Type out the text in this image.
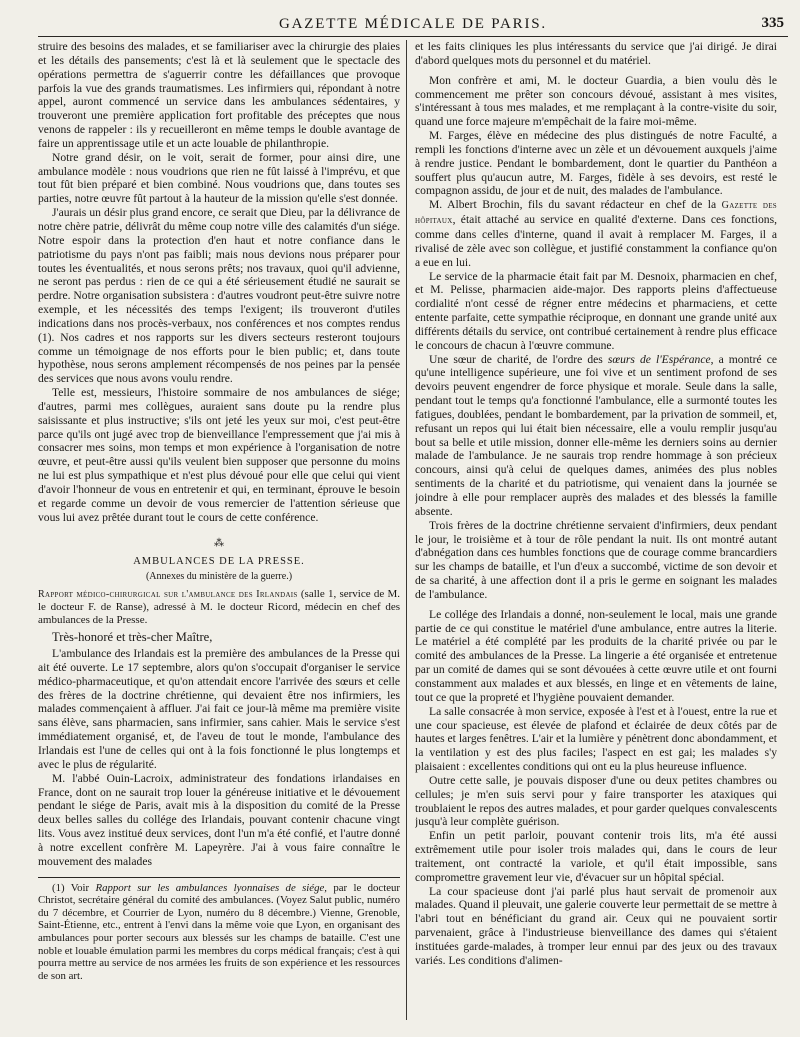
GAZETTE MÉDICALE DE PARIS.	335

struire des besoins des malades, et se familiariser avec la chirurgie des plaies et les détails des pansements; c'est là et là seulement que le spectacle des opérations permettra de s'aguerrir contre les défaillances que provoque parfois la vue des grands traumatismes. Les infirmiers qui, répondant à notre appel, auront commencé un service dans les ambulances sédentaires, y trouveront une première application fort profitable des préceptes que nous venons de rappeler : ils y recueilleront en même temps le double avantage de faire un apprentissage utile et un acte louable de philanthropie.

Notre grand désir, on le voit, serait de former, pour ainsi dire, une ambulance modèle : nous voudrions que rien ne fût laissé à l'imprévu, et que tout fût bien préparé et bien combiné. Nous voudrions que, dans toutes ses parties, notre œuvre fût partout à la hauteur de la mission qu'elle s'est donnée.

J'aurais un désir plus grand encore, ce serait que Dieu, par la délivrance de notre chère patrie, délivrât du même coup notre ville des calamités d'un siége. Notre espoir dans la protection d'en haut et notre confiance dans le patriotisme du pays n'ont pas faibli; mais nous devions nous préparer pour toutes les éventualités, et nous serons prêts; nos travaux, quoi qu'il advienne, ne seront pas perdus : rien de ce qui a été sérieusement étudié ne saurait se perdre. Notre organisation subsistera : d'autres voudront peut-être suivre notre exemple, et les nécessités des temps l'exigent; ils trouveront d'utiles indications dans nos procès-verbaux, nos conférences et nos comptes rendus (1). Nos cadres et nos rapports sur les divers secteurs resteront toujours comme un témoignage de nos efforts pour le bien public; et, dans toute hypothèse, nous serons amplement récompensés de nos peines par la pensée des services que nous avons voulu rendre.

Telle est, messieurs, l'histoire sommaire de nos ambulances de siége; d'autres, parmi mes collègues, auraient sans doute pu la rendre plus saisissante et plus instructive; s'ils ont jeté les yeux sur moi, c'est peut-être parce qu'ils ont jugé avec trop de bienveillance l'empressement que j'ai mis à consacrer mes soins, mon temps et mon expérience à l'organisation de notre œuvre, et peut-être aussi qu'ils veulent bien supposer que personne du moins ne lui est plus sympathique et n'est plus dévoué pour elle que celui qui vient d'avoir l'honneur de vous en entretenir et qui, en terminant, éprouve le besoin et regarde comme un devoir de vous remercier de l'attention sérieuse que vous lui avez prêtée durant tout le cours de cette conférence.

⁂
AMBULANCES DE LA PRESSE.
(Annexes du ministère de la guerre.)

Rapport médico-chirurgical sur l'ambulance des Irlandais (salle 1, service de M. le docteur F. de Ranse), adressé à M. le docteur Ricord, médecin en chef des ambulances de la Presse.

Très-honoré et très-cher Maître,

L'ambulance des Irlandais est la première des ambulances de la Presse qui ait été ouverte. Le 17 septembre, alors qu'on s'occupait d'organiser le service médico-pharmaceutique, et qu'on attendait encore l'arrivée des sœurs et celle des frères de la doctrine chrétienne, qui devaient être nos infirmiers, les malades commençaient à affluer. J'ai fait ce jour-là même ma première visite sans élève, sans pharmacien, sans infirmier, sans cahier. Mais le service s'est immédiatement organisé, et, de l'aveu de tout le monde, l'ambulance des Irlandais est l'une de celles qui ont à la fois fonctionné le plus longtemps et avec le plus de régularité.

M. l'abbé Ouin-Lacroix, administrateur des fondations irlandaises en France, dont on ne saurait trop louer la généreuse initiative et le dévouement pendant le siége de Paris, avait mis à la disposition du comité de la Presse deux belles salles du collége des Irlandais, pouvant contenir chacune vingt lits. Vous avez institué deux services, dont l'un m'a été confié, et l'autre donné à notre excellent confrère M. Lapeyrère. J'ai à vous faire connaître le mouvement des malades

(1) Voir Rapport sur les ambulances lyonnaises de siége, par le docteur Christot, secrétaire général du comité des ambulances. (Voyez Salut public, numéro du 7 décembre, et Courrier de Lyon, numéro du 8 décembre.) Vienne, Grenoble, Saint-Étienne, etc., entrent à l'envi dans la même voie que Lyon, en organisant des ambulances pour porter secours aux blessés sur les champs de bataille. C'est une noble et louable émulation parmi les membres du corps médical français; c'est à qui pourra mettre au service de nos armées les fruits de son expérience et les ressources de son art.

et les faits cliniques les plus intéressants du service que j'ai dirigé. Je dirai d'abord quelques mots du personnel et du matériel.

Mon confrère et ami, M. le docteur Guardia, a bien voulu dès le commencement me prêter son concours dévoué, assistant à mes visites, s'intéressant à tous mes malades, et me remplaçant à la contre-visite du soir, quand une force majeure m'empêchait de la faire moi-même.

M. Farges, élève en médecine des plus distingués de notre Faculté, a rempli les fonctions d'interne avec un zèle et un dévouement auxquels j'aime à rendre justice. Pendant le bombardement, dont le quartier du Panthéon a souffert plus qu'aucun autre, M. Farges, fidèle à ses devoirs, est resté le compagnon assidu, de jour et de nuit, des malades de l'ambulance.

M. Albert Brochin, fils du savant rédacteur en chef de la Gazette des hôpitaux, était attaché au service en qualité d'externe. Dans ces fonctions, comme dans celles d'interne, quand il avait à remplacer M. Farges, il a rivalisé de zèle avec son collègue, et justifié constamment la confiance qu'on a eue en lui.

Le service de la pharmacie était fait par M. Desnoix, pharmacien en chef, et M. Pelisse, pharmacien aide-major. Des rapports pleins d'affectueuse cordialité n'ont cessé de régner entre médecins et pharmaciens, et cette entente parfaite, cette sympathie réciproque, en donnant une grande unité aux différents détails du service, ont contribué certainement à rendre plus efficace le concours de chacun à l'œuvre commune.

Une sœur de charité, de l'ordre des sœurs de l'Espérance, a montré ce qu'une intelligence supérieure, une foi vive et un sentiment profond de ses devoirs peuvent engendrer de force physique et morale. Seule dans la salle, pendant tout le temps qu'a fonctionné l'ambulance, elle a surmonté toutes les fatigues, doublées, pendant le bombardement, par la privation de sommeil, et, refusant un repos qui lui était bien nécessaire, elle a voulu remplir jusqu'au bout sa belle et utile mission, donner elle-même les derniers soins au dernier malade de l'ambulance. Je ne saurais trop rendre hommage à son précieux concours, ainsi qu'à celui de quelques dames, animées des plus nobles sentiments de la charité et du patriotisme, qui venaient dans la journée se joindre à elle pour remplacer auprès des malades et des blessés la famille absente.

Trois frères de la doctrine chrétienne servaient d'infirmiers, deux pendant le jour, le troisième et à tour de rôle pendant la nuit. Ils ont montré autant d'abnégation dans ces humbles fonctions que de courage comme brancardiers sur les champs de bataille, et l'un d'eux a succombé, victime de son devoir et de sa charité, à une affection dont il a pris le germe en soignant les malades de l'ambulance.

Le collége des Irlandais a donné, non-seulement le local, mais une grande partie de ce qui constitue le matériel d'une ambulance, entre autres la literie. Le matériel a été complété par les produits de la charité privée ou par le comité des ambulances de la Presse. La lingerie a été organisée et entretenue par un comité de dames qui se sont dévouées à cette œuvre utile et ont fourni constamment aux malades et aux blessés, en linge et en vêtements de laine, tout ce que la propreté et l'hygiène pouvaient demander.

La salle consacrée à mon service, exposée à l'est et à l'ouest, entre la rue et une cour spacieuse, est élevée de plafond et éclairée de deux côtés par de hautes et larges fenêtres. L'air et la lumière y pénètrent donc abondamment, et la ventilation y est des plus faciles; l'aspect en est gai; les malades s'y plaisaient : excellentes conditions qui ont eu la plus heureuse influence.

Outre cette salle, je pouvais disposer d'une ou deux petites chambres ou cellules; je m'en suis servi pour y faire transporter les ataxiques qui troublaient le repos des autres malades, et pour garder quelques convalescents jusqu'à leur complète guérison.

Enfin un petit parloir, pouvant contenir trois lits, m'a été aussi extrêmement utile pour isoler trois malades qui, dans le cours de leur traitement, ont contracté la variole, et qu'il était impossible, sans compromettre gravement leur vie, d'évacuer sur un hôpital spécial.

La cour spacieuse dont j'ai parlé plus haut servait de promenoir aux malades. Quand il pleuvait, une galerie couverte leur permettait de se mettre à l'abri tout en bénéficiant du grand air. Ceux qui ne pouvaient sortir parvenaient, grâce à l'industrieuse bienveillance des dames qui s'étaient instituées garde-malades, à tromper leur ennui par des jeux ou des travaux variés. Les conditions d'alimen-
